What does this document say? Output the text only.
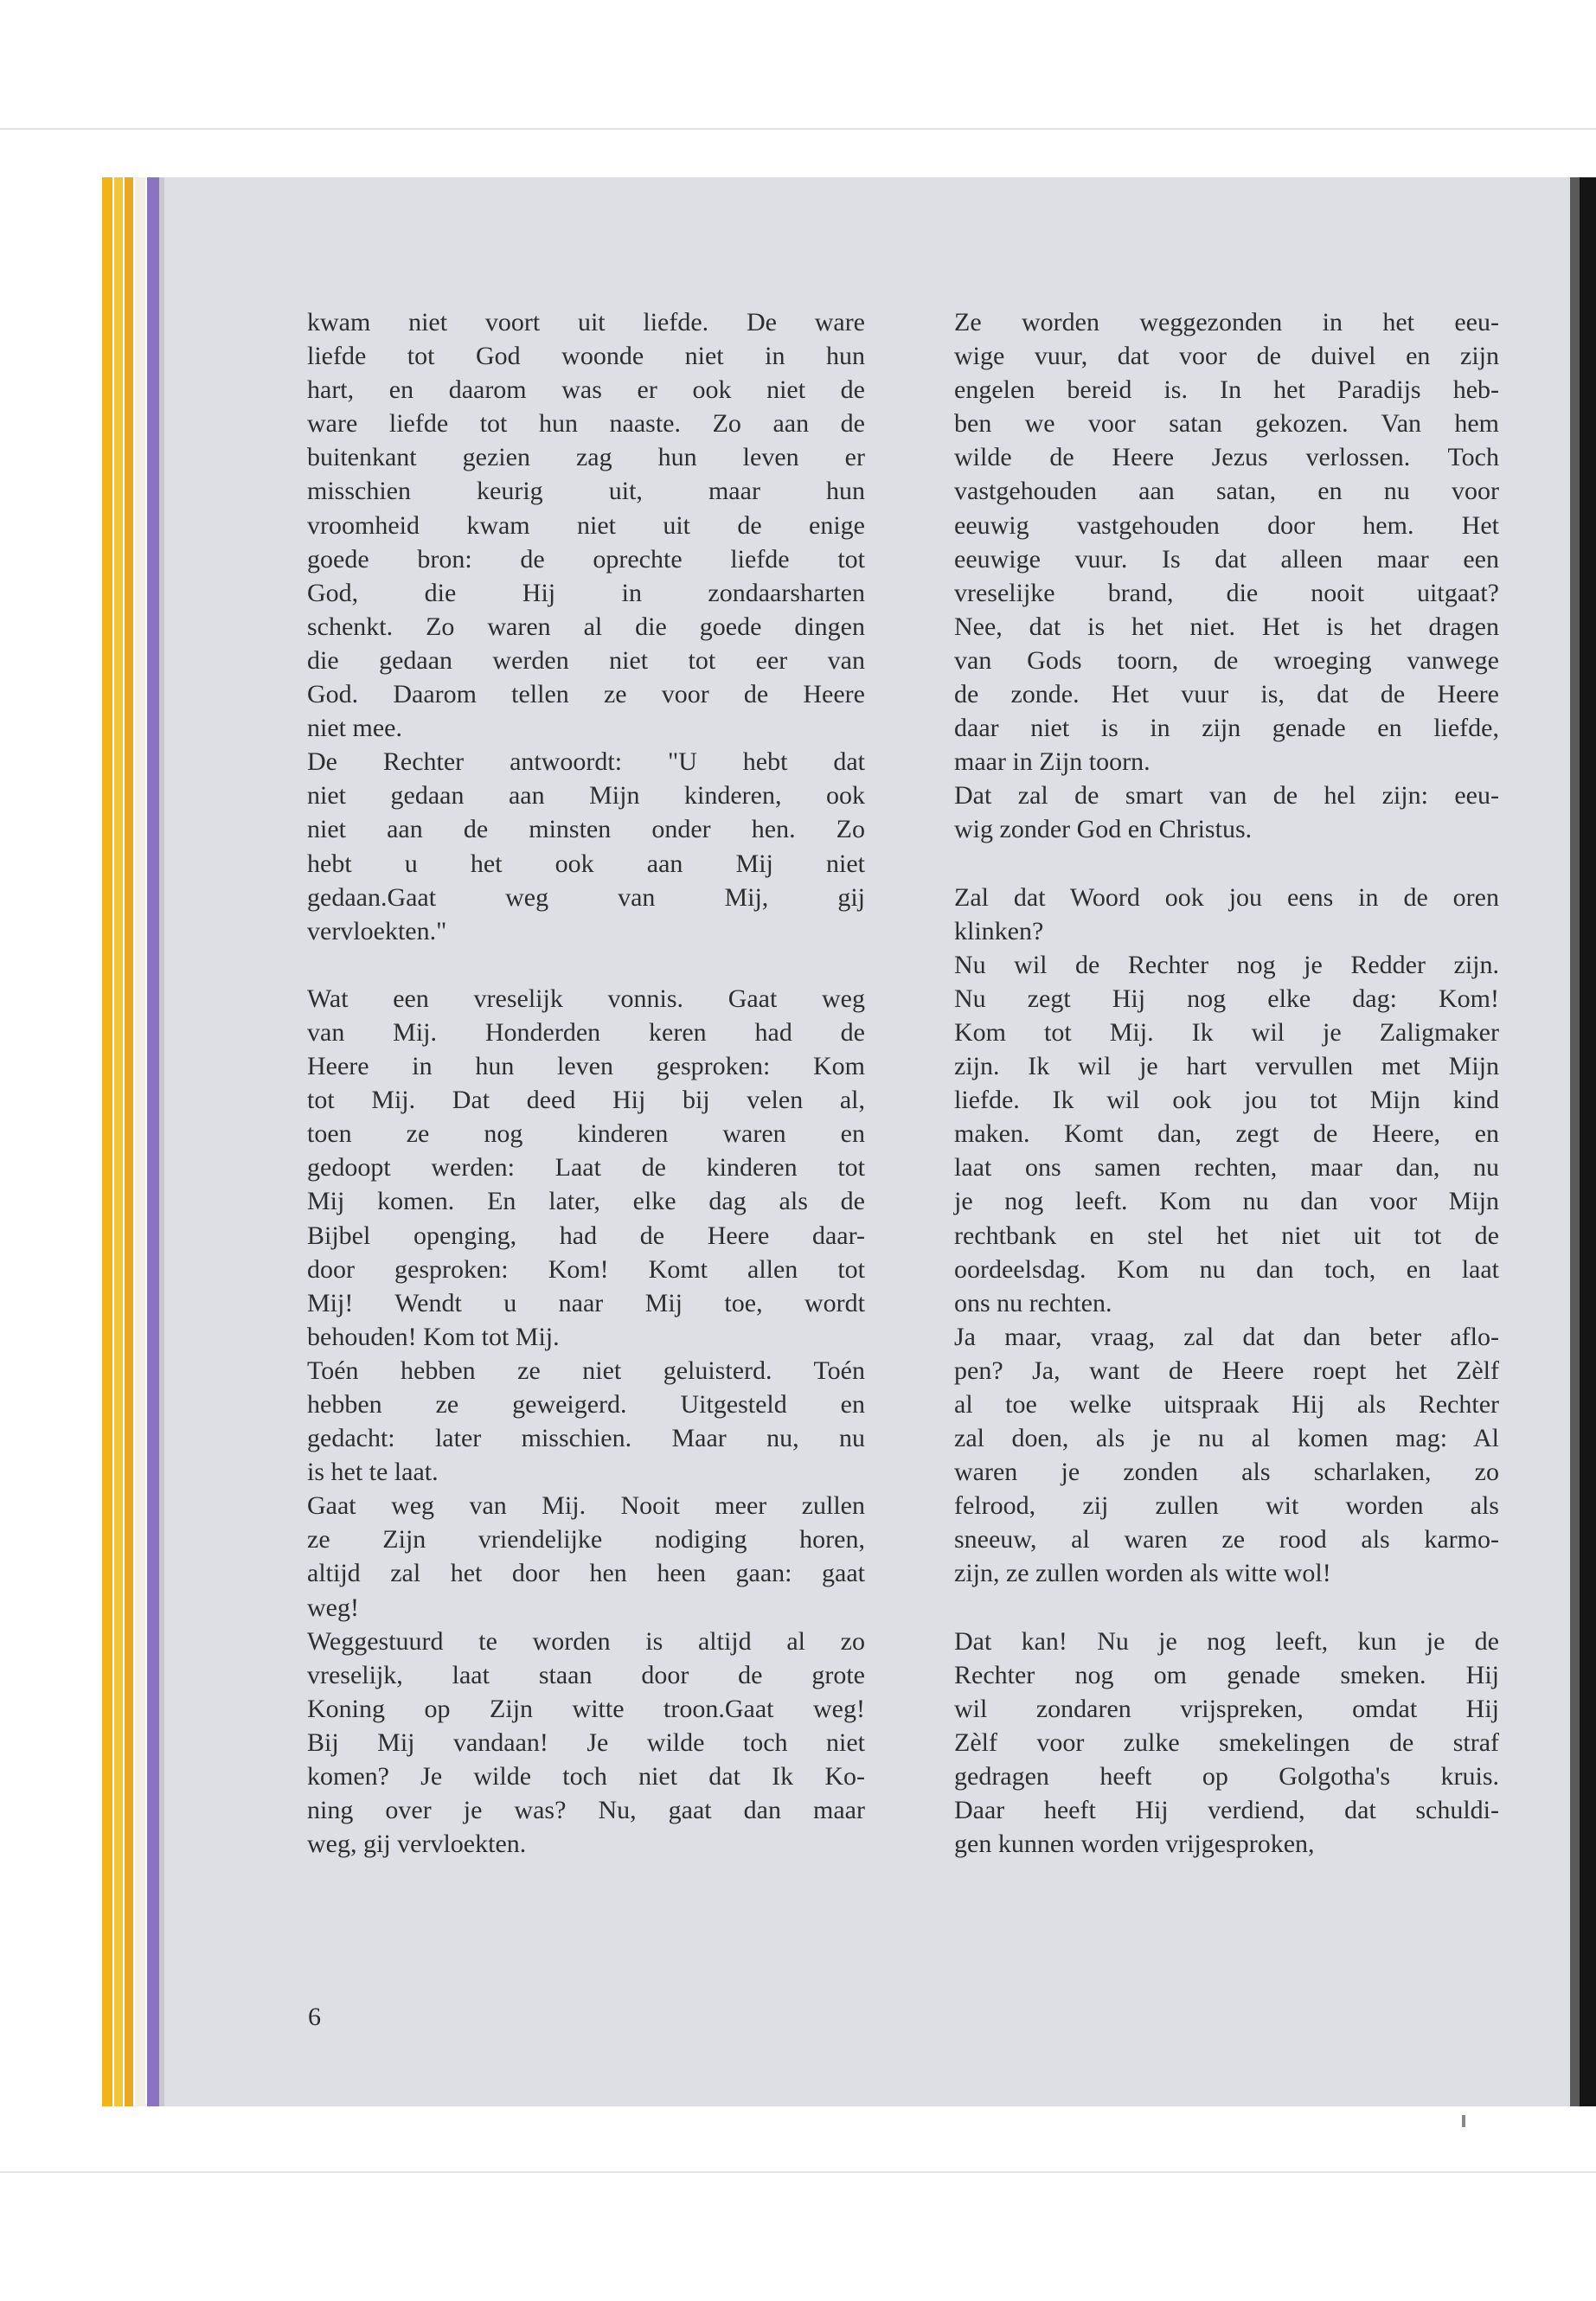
kwam niet voort uit liefde. De ware
liefde tot God woonde niet in hun
hart, en daarom was er ook niet de
ware liefde tot hun naaste. Zo aan de
buitenkant gezien zag hun leven er
misschien keurig uit, maar hun
vroomheid kwam niet uit de enige
goede bron: de oprechte liefde tot
God, die Hij in zondaarsharten
schenkt. Zo waren al die goede dingen
die gedaan werden niet tot eer van
God. Daarom tellen ze voor de Heere
niet mee.
De Rechter antwoordt: "U hebt dat
niet gedaan aan Mijn kinderen, ook
niet aan de minsten onder hen. Zo
hebt u het ook aan Mij niet
gedaan.Gaat weg van Mij, gij
vervloekten."
Wat een vreselijk vonnis. Gaat weg
van Mij. Honderden keren had de
Heere in hun leven gesproken: Kom
tot Mij. Dat deed Hij bij velen al,
toen ze nog kinderen waren en
gedoopt werden: Laat de kinderen tot
Mij komen. En later, elke dag als de
Bijbel openging, had de Heere daar-
door gesproken: Kom! Komt allen tot
Mij! Wendt u naar Mij toe, wordt
behouden! Kom tot Mij.
Toén hebben ze niet geluisterd. Toén
hebben ze geweigerd. Uitgesteld en
gedacht: later misschien. Maar nu, nu
is het te laat.
Gaat weg van Mij. Nooit meer zullen
ze Zijn vriendelijke nodiging horen,
altijd zal het door hen heen gaan: gaat
weg!
Weggestuurd te worden is altijd al zo
vreselijk, laat staan door de grote
Koning op Zijn witte troon.Gaat weg!
Bij Mij vandaan! Je wilde toch niet
komen? Je wilde toch niet dat Ik Ko-
ning over je was? Nu, gaat dan maar
weg, gij vervloekten.
Ze worden weggezonden in het eeu-
wige vuur, dat voor de duivel en zijn
engelen bereid is. In het Paradijs heb-
ben we voor satan gekozen. Van hem
wilde de Heere Jezus verlossen. Toch
vastgehouden aan satan, en nu voor
eeuwig vastgehouden door hem. Het
eeuwige vuur. Is dat alleen maar een
vreselijke brand, die nooit uitgaat?
Nee, dat is het niet. Het is het dragen
van Gods toorn, de wroeging vanwege
de zonde. Het vuur is, dat de Heere
daar niet is in zijn genade en liefde,
maar in Zijn toorn.
Dat zal de smart van de hel zijn: eeu-
wig zonder God en Christus.
Zal dat Woord ook jou eens in de oren
klinken?
Nu wil de Rechter nog je Redder zijn.
Nu zegt Hij nog elke dag: Kom!
Kom tot Mij. Ik wil je Zaligmaker
zijn. Ik wil je hart vervullen met Mijn
liefde. Ik wil ook jou tot Mijn kind
maken. Komt dan, zegt de Heere, en
laat ons samen rechten, maar dan, nu
je nog leeft. Kom nu dan voor Mijn
rechtbank en stel het niet uit tot de
oordeelsdag. Kom nu dan toch, en laat
ons nu rechten.
Ja maar, vraag, zal dat dan beter aflo-
pen? Ja, want de Heere roept het Zèlf
al toe welke uitspraak Hij als Rechter
zal doen, als je nu al komen mag: Al
waren je zonden als scharlaken, zo
felrood, zij zullen wit worden als
sneeuw, al waren ze rood als karmo-
zijn, ze zullen worden als witte wol!
Dat kan! Nu je nog leeft, kun je de
Rechter nog om genade smeken. Hij
wil zondaren vrijspreken, omdat Hij
Zèlf voor zulke smekelingen de straf
gedragen heeft op Golgotha's kruis.
Daar heeft Hij verdiend, dat schuldi-
gen kunnen worden vrijgesproken,
6
